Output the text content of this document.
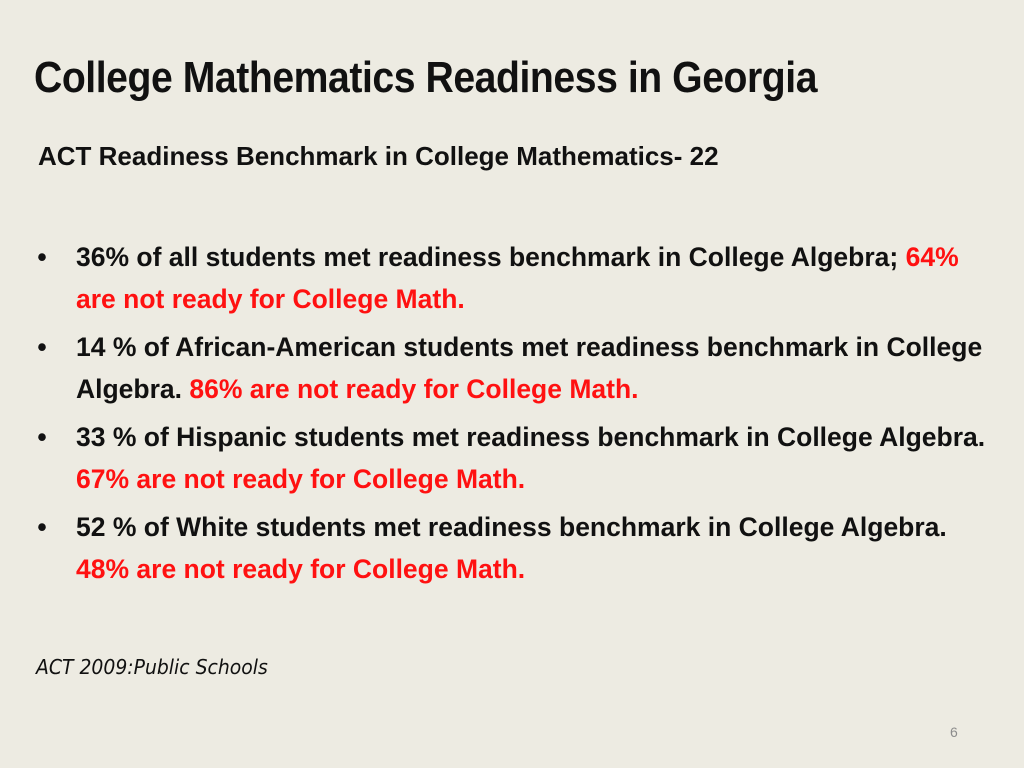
College Mathematics Readiness in Georgia
ACT Readiness Benchmark in College Mathematics- 22
• 36% of all students met readiness benchmark in College Algebra; 64% are not ready for College Math.
• 14 % of African-American students met readiness benchmark in College Algebra. 86% are not ready for College Math.
• 33 % of Hispanic students met readiness benchmark in College Algebra. 67% are not ready for College Math.
• 52 % of White students met readiness benchmark in College Algebra. 48% are not ready for College Math.

ACT 2009:Public Schools

6
